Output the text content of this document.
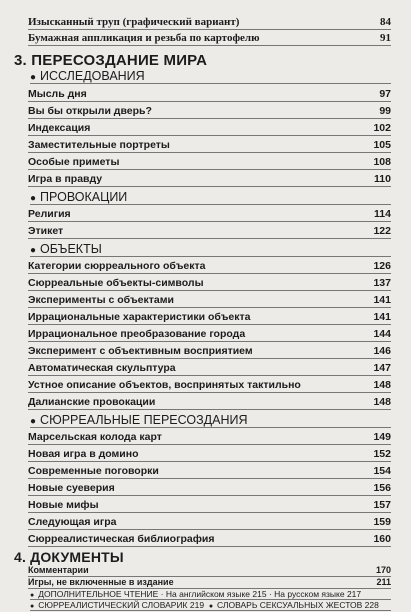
Изысканный труп (графический вариант)	84
Бумажная аппликация и резьба по картофелю	91
3. ПЕРЕСОЗДАНИЕ МИРА
● ИССЛЕДОВАНИЯ
Мысль дня	97
Вы бы открыли дверь?	99
Индексация	102
Заместительные портреты	105
Особые приметы	108
Игра в правду	110
● ПРОВОКАЦИИ
Религия	114
Этикет	122
● ОБЪЕКТЫ
Категории сюрреального объекта	126
Сюрреальные объекты-символы	137
Эксперименты с объектами	141
Иррациональные характеристики объекта	141
Иррациональное преобразование города	144
Эксперимент с объективным восприятием	146
Автоматическая скульптура	147
Устное описание объектов, воспринятых тактильно	148
Далианские провокации	148
● СЮРРЕАЛЬНЫЕ ПЕРЕСОЗДАНИЯ
Марсельская колода карт	149
Новая игра в домино	152
Современные поговорки	154
Новые суеверия	156
Новые мифы	157
Следующая игра	159
Сюрреалистическая библиография	160
4. ДОКУМЕНТЫ
Комментарии	170
Игры, не включенные в издание	211
● ДОПОЛНИТЕЛЬНОЕ ЧТЕНИЕ · На английском языке 215 · На русском языке 217
● СЮРРЕАЛИСТИЧЕСКИЙ СЛОВАРИК 219 ● СЛОВАРЬ СЕКСУАЛЬНЫХ ЖЕСТОВ 228
